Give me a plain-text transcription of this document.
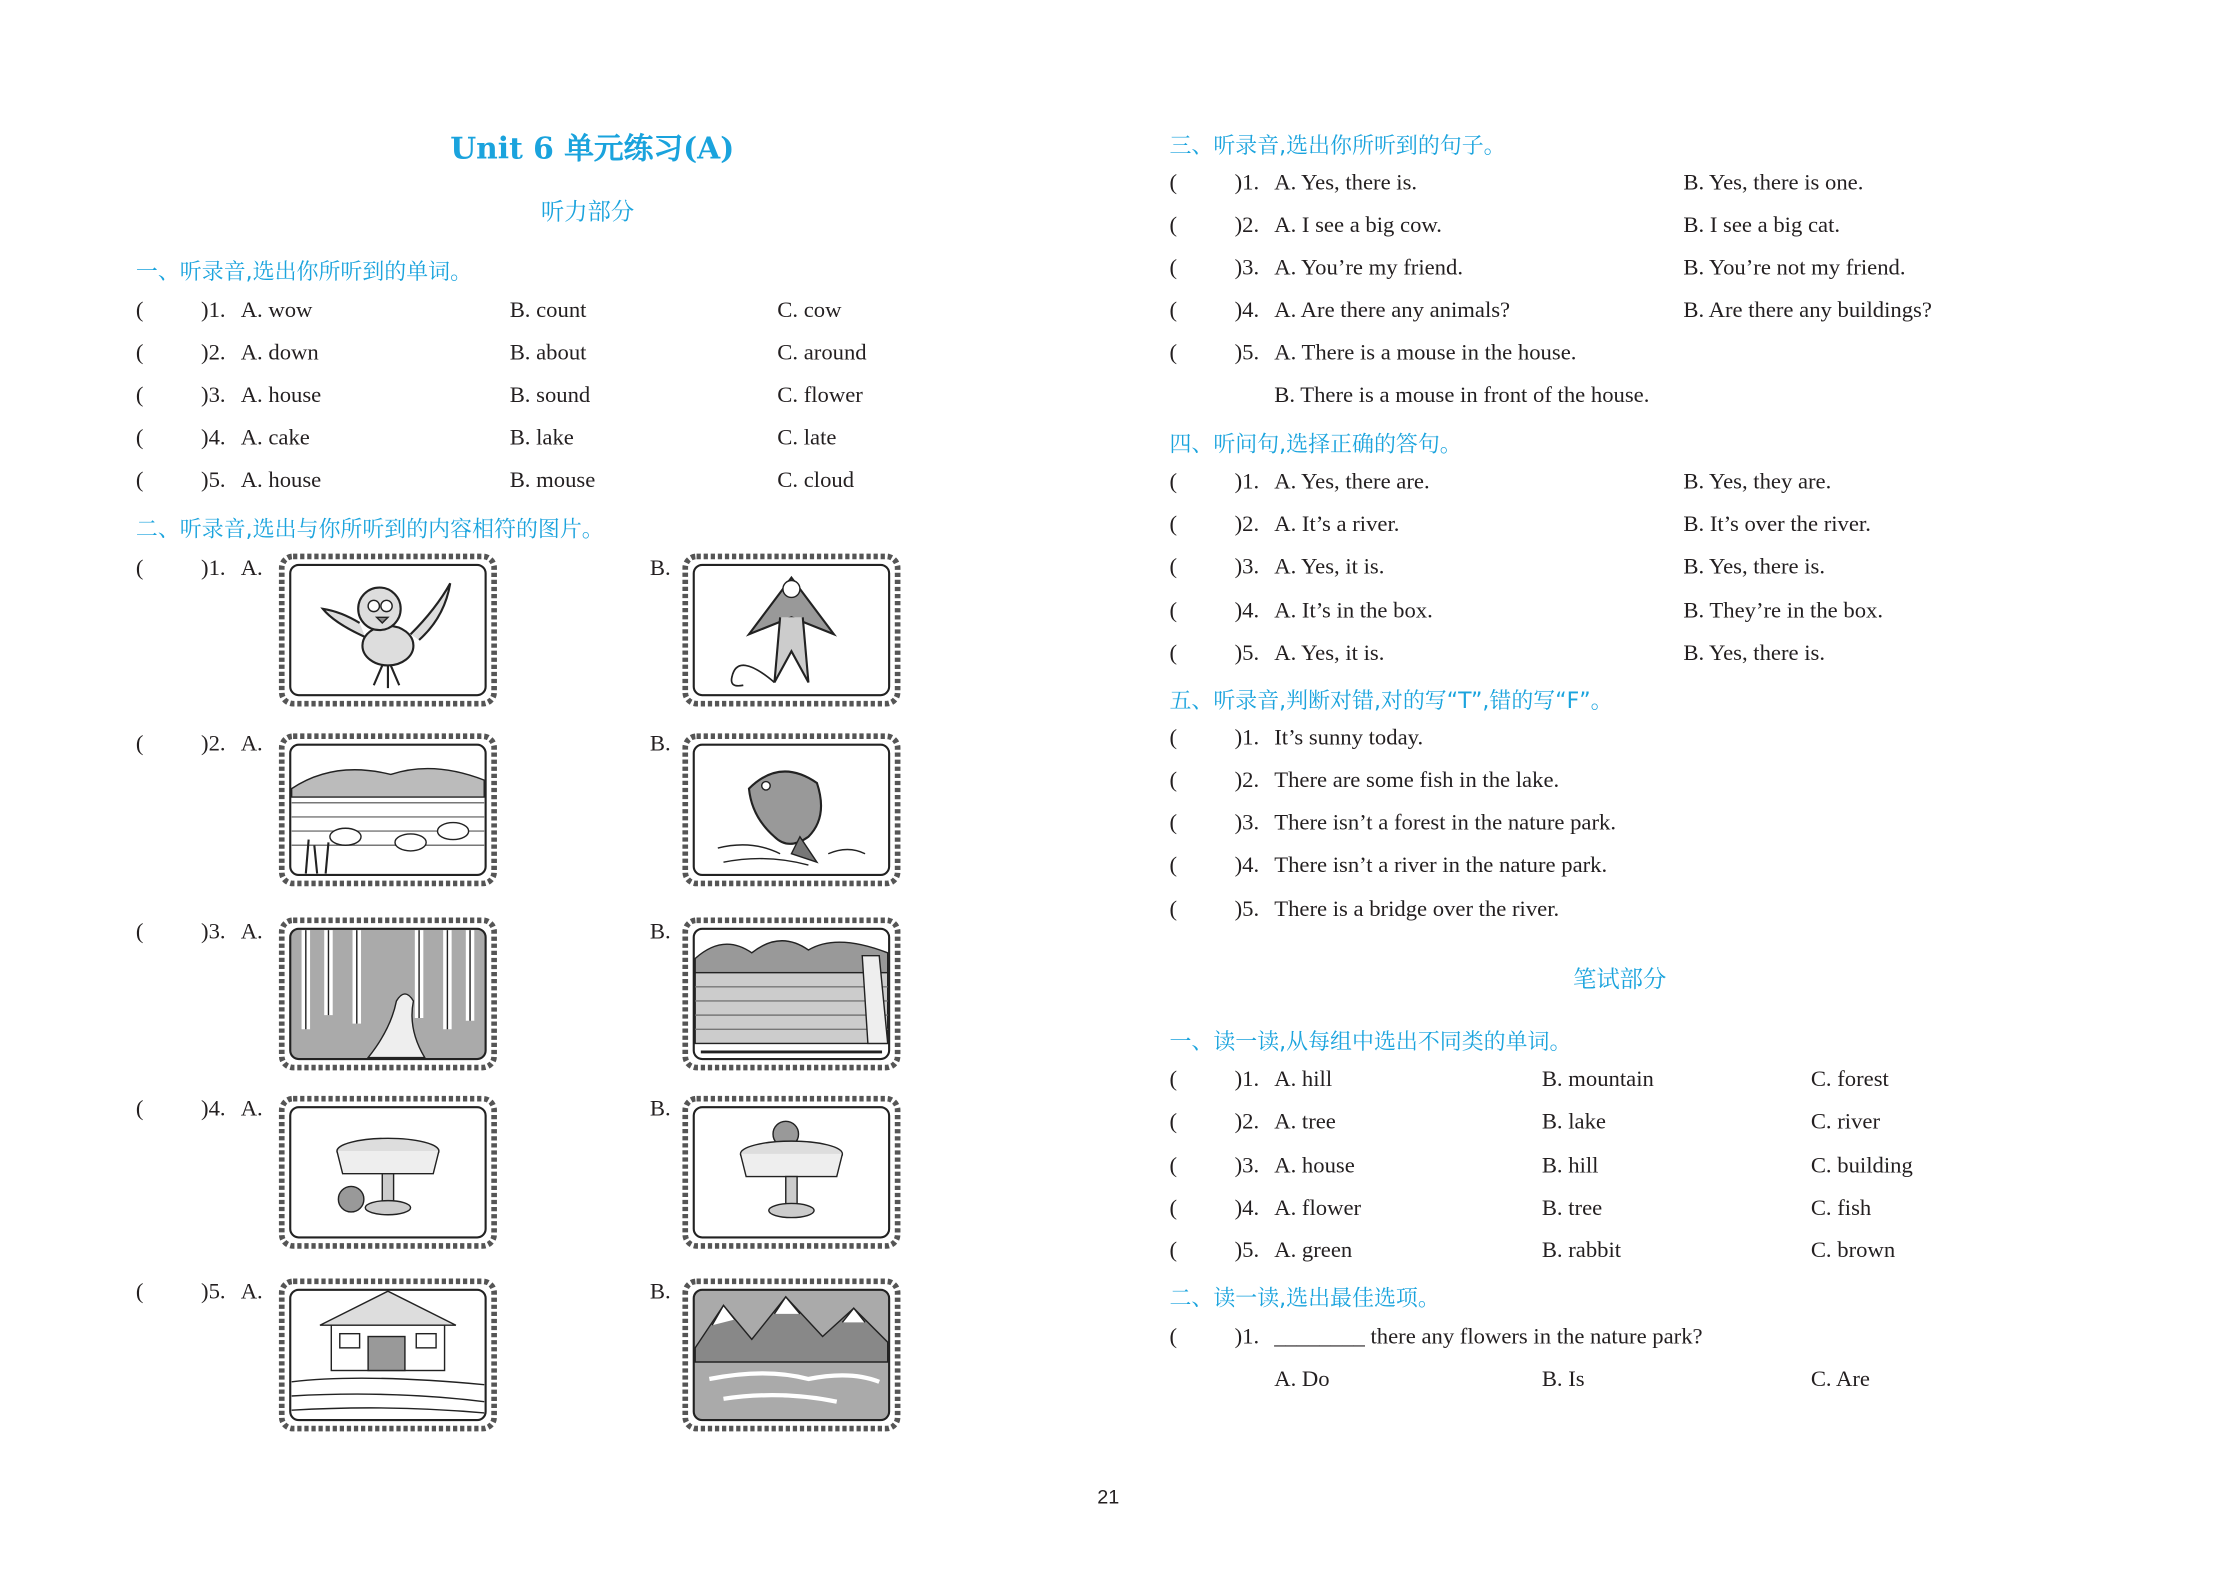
Unit 6 单元练习(A)
听力部分
一、听录音,选出你所听到的单词。
(	)1. A. wow	B. count	C. cow
(	)2. A. down	B. about	C. around
(	)3. A. house	B. sound	C. flower
(	)4. A. cake	B. lake	C. late
(	)5. A. house	B. mouse	C. cloud
二、听录音,选出与你所听到的内容相符的图片。
(	)1. A.	B.
(	)2. A.	B.
(	)3. A.	B.
(	)4. A.	B.
(	)5. A.	B.
三、听录音,选出你所听到的句子。
(	)1. A. Yes, there is.	B. Yes, there is one.
(	)2. A. I see a big cow.	B. I see a big cat.
(	)3. A. You’re my friend.	B. You’re not my friend.
(	)4. A. Are there any animals?	B. Are there any buildings?
(	)5. A. There is a mouse in the house.
B. There is a mouse in front of the house.
四、听问句,选择正确的答句。
(	)1. A. Yes, there are.	B. Yes, they are.
(	)2. A. It’s a river.	B. It’s over the river.
(	)3. A. Yes, it is.	B. Yes, there is.
(	)4. A. It’s in the box.	B. They’re in the box.
(	)5. A. Yes, it is.	B. Yes, there is.
五、听录音,判断对错,对的写“T”,错的写“F”。
(	)1. It’s sunny today.
(	)2. There are some fish in the lake.
(	)3. There isn’t a forest in the nature park.
(	)4. There isn’t a river in the nature park.
(	)5. There is a bridge over the river.
笔试部分
一、读一读,从每组中选出不同类的单词。
(	)1. A. hill	B. mountain	C. forest
(	)2. A. tree	B. lake	C. river
(	)3. A. house	B. hill	C. building
(	)4. A. flower	B. tree	C. fish
(	)5. A. green	B. rabbit	C. brown
二、读一读,选出最佳选项。
(	)1. ________ there any flowers in the nature park?
A. Do	B. Is	C. Are
21
